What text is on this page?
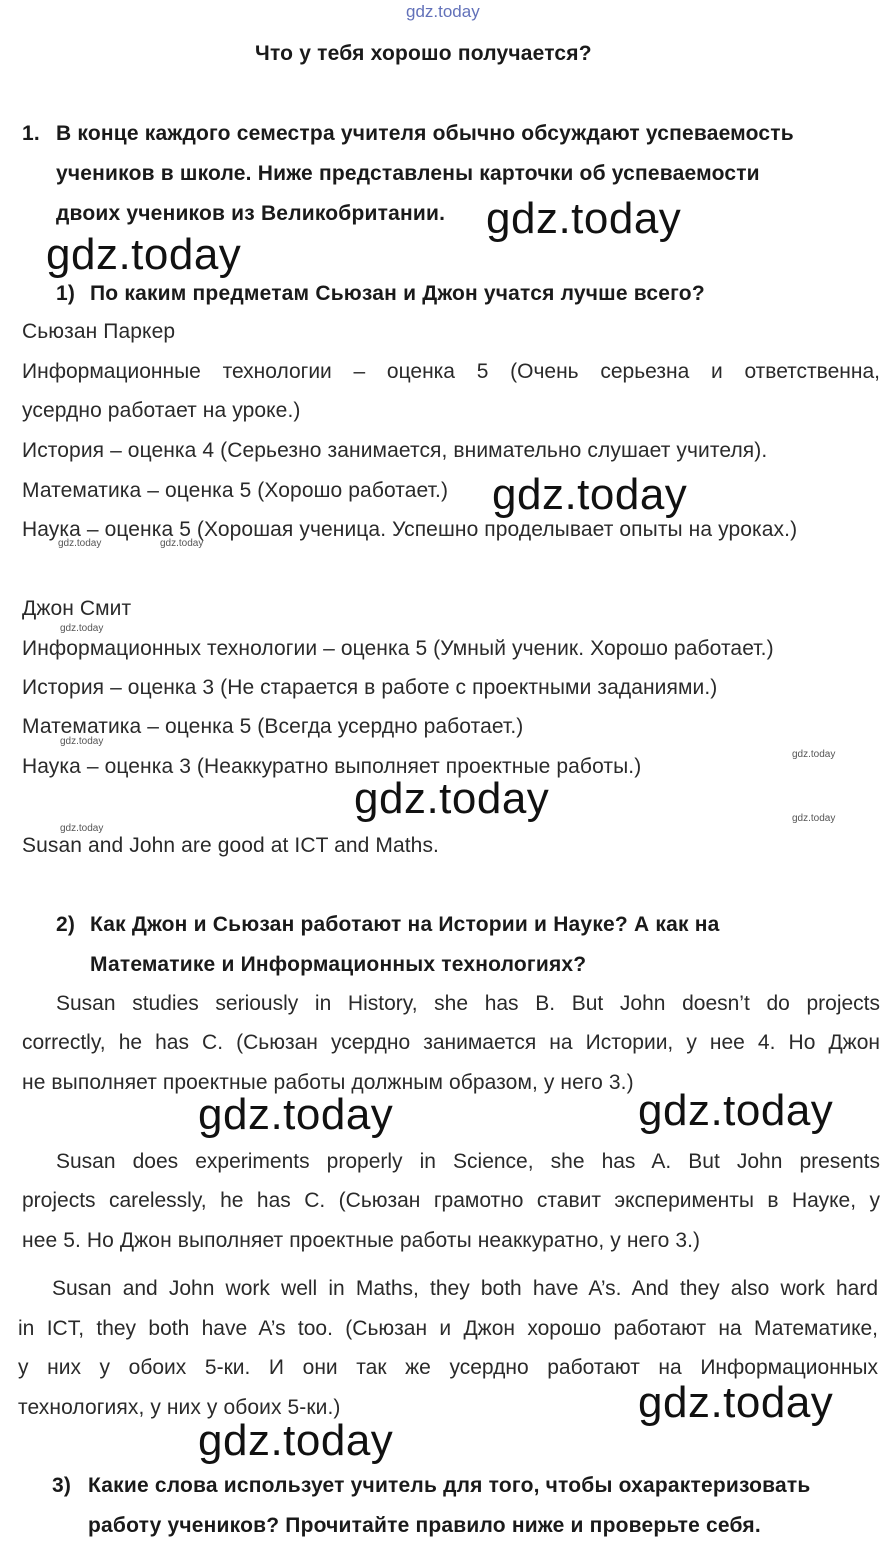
gdz.today
Что у тебя хорошо получается?
1. В конце каждого семестра учителя обычно обсуждают успеваемость
учеников в школе. Ниже представлены карточки об успеваемости
двоих учеников из Великобритании.
1) По каким предметам Сьюзан и Джон учатся лучше всего?
Сьюзан Паркер
Информационные технологии – оценка 5 (Очень серьезна и ответственна,
усердно работает на уроке.)
История – оценка 4 (Серьезно занимается, внимательно слушает учителя).
Математика – оценка 5 (Хорошо работает.)
Наука – оценка 5 (Хорошая ученица. Успешно проделывает опыты на уроках.)
Джон Смит
Информационных технологии – оценка 5 (Умный ученик. Хорошо работает.)
История – оценка 3 (Не старается в работе с проектными заданиями.)
Математика – оценка 5 (Всегда усердно работает.)
Наука – оценка 3 (Неаккуратно выполняет проектные работы.)
Susan and John are good at ICT and Maths.
2) Как Джон и Сьюзан работают на Истории и Науке? А как на
Математике и Информационных технологиях?
Susan studies seriously in History, she has B. But John doesn’t do projects
correctly, he has C. (Сьюзан усердно занимается на Истории, у нее 4. Но Джон
не выполняет проектные работы должным образом, у него 3.)
Susan does experiments properly in Science, she has A. But John presents
projects carelessly, he has C. (Сьюзан грамотно ставит эксперименты в Науке, у
нее 5. Но Джон выполняет проектные работы неаккуратно, у него 3.)
Susan and John work well in Maths, they both have A’s. And they also work hard
in ICT, they both have A’s too. (Сьюзан и Джон хорошо работают на Математике,
у них у обоих 5-ки. И они так же усердно работают на Информационных
технологиях, у них у обоих 5-ки.)
3) Какие слова использует учитель для того, чтобы охарактеризовать
работу учеников? Прочитайте правило ниже и проверьте себя.
gdz.today
gdz.today
gdz.today
gdz.today
gdz.today	gdz.today
gdz.today
gdz.today
gdz.today	gdz.today
gdz.today
gdz.today
gdz.today
gdz.today
gdz.today
